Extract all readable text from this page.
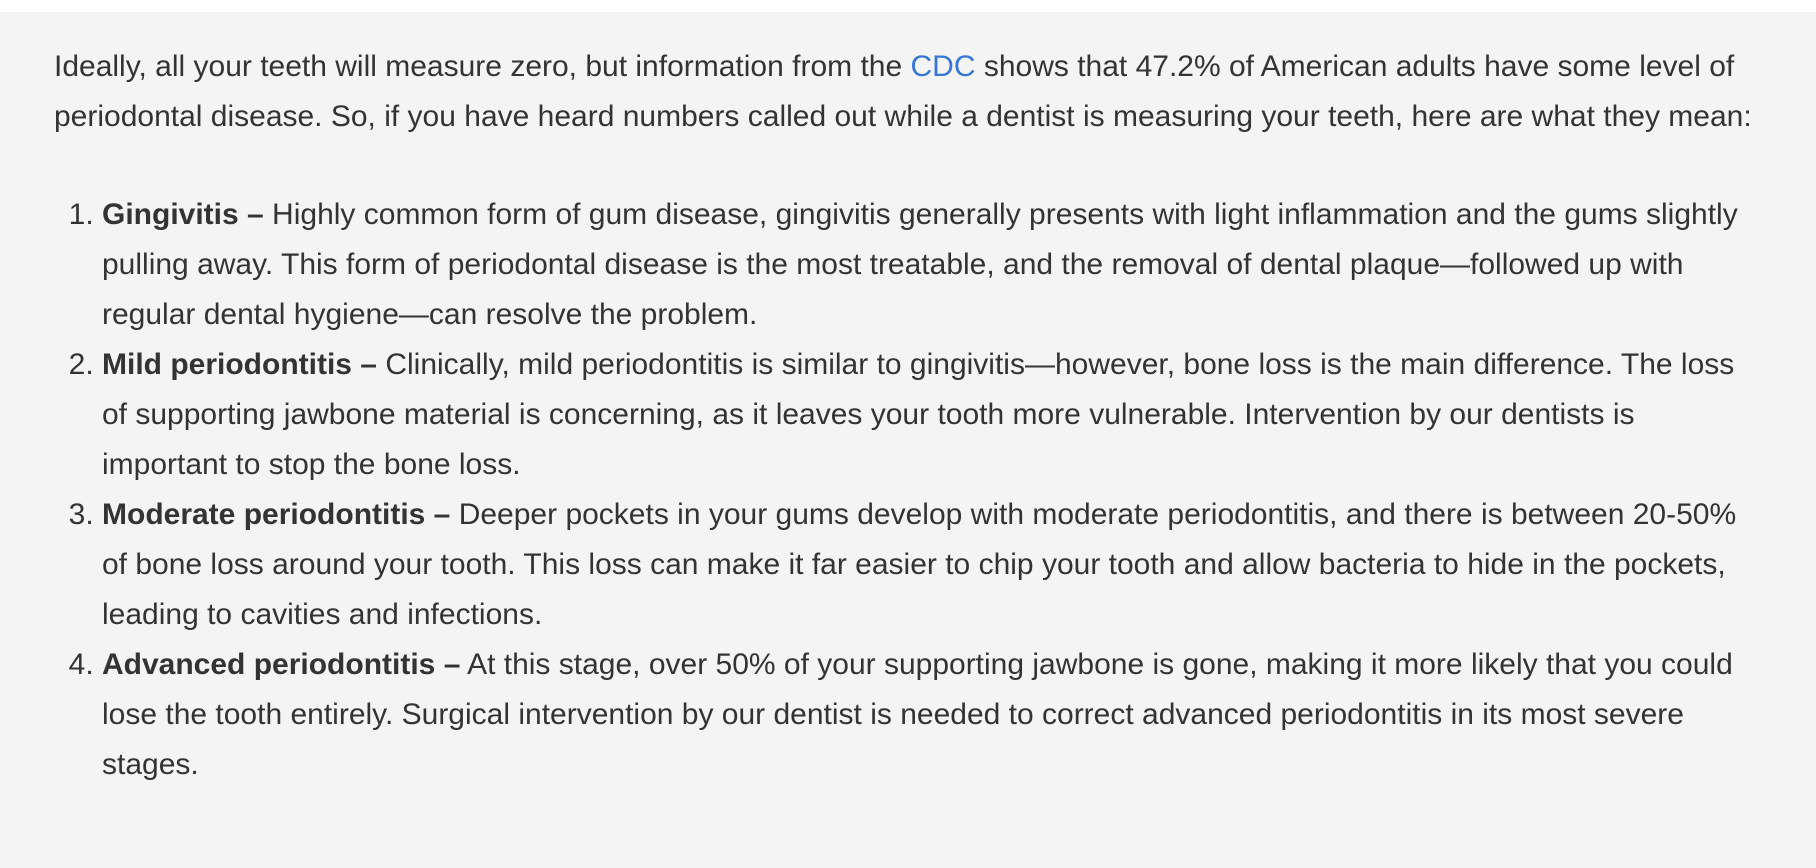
Ideally, all your teeth will measure zero, but information from the CDC shows that 47.2% of American adults have some level of periodontal disease. So, if you have heard numbers called out while a dentist is measuring your teeth, here are what they mean:

1. Gingivitis – Highly common form of gum disease, gingivitis generally presents with light inflammation and the gums slightly pulling away. This form of periodontal disease is the most treatable, and the removal of dental plaque—followed up with regular dental hygiene—can resolve the problem.
2. Mild periodontitis – Clinically, mild periodontitis is similar to gingivitis—however, bone loss is the main difference. The loss of supporting jawbone material is concerning, as it leaves your tooth more vulnerable. Intervention by our dentists is important to stop the bone loss.
3. Moderate periodontitis – Deeper pockets in your gums develop with moderate periodontitis, and there is between 20-50% of bone loss around your tooth. This loss can make it far easier to chip your tooth and allow bacteria to hide in the pockets, leading to cavities and infections.
4. Advanced periodontitis – At this stage, over 50% of your supporting jawbone is gone, making it more likely that you could lose the tooth entirely. Surgical intervention by our dentist is needed to correct advanced periodontitis in its most severe stages.
